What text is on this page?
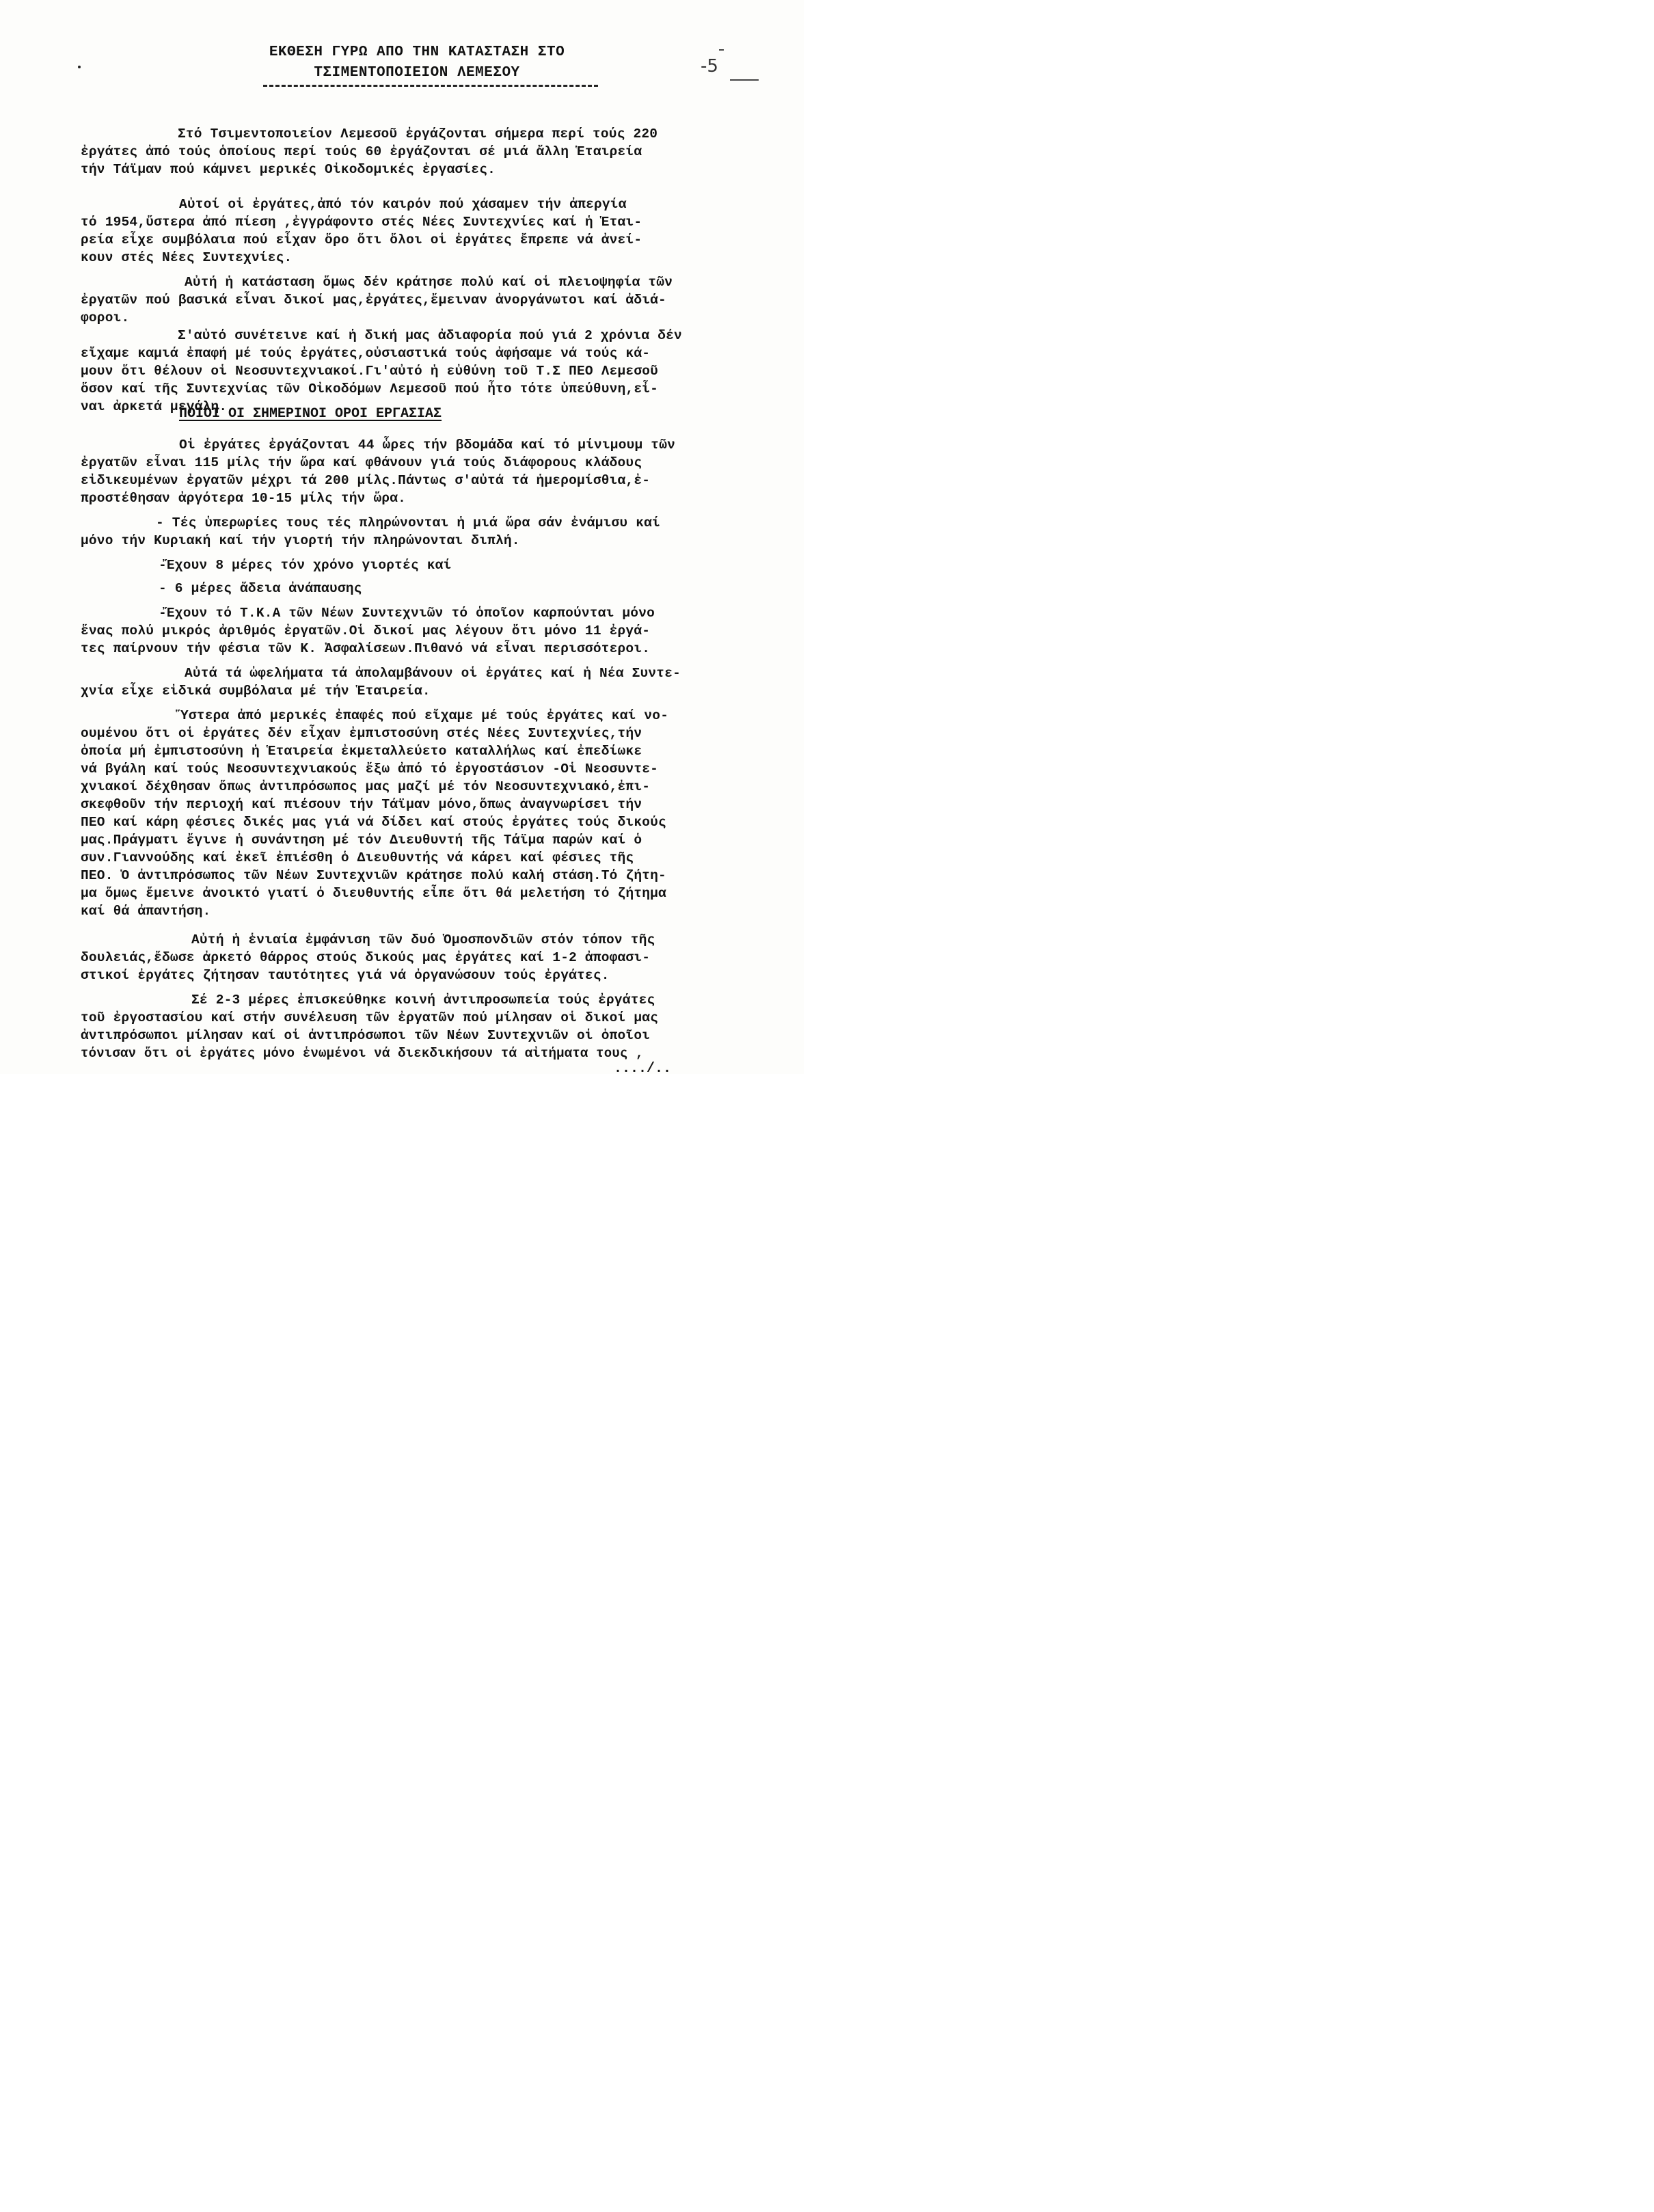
ΕΚΘΕΣΗ ΓΥΡΩ ΑΠΟ ΤΗΝ ΚΑΤΑΣΤΑΣΗ ΣΤΟ
ΤΣΙΜΕΝΤΟΠΟΙΕΙΟΝ ΛΕΜΕΣΟΥ	-5
Στό Τσιμεντοποιείον Λεμεσοῦ ἐργάζονται σήμερα περί τούς 220
ἐργάτες ἀπό τούς ὁποίους περί τούς 60 ἐργάζονται σέ μιά ἄλλη Ἑταιρεία
τήν Τάϊμαν πού κάμνει μερικές Οἰκοδομικές ἐργασίες.
Αὐτοί οἱ ἐργάτες,ἀπό τόν καιρόν πού χάσαμεν τήν ἀπεργία
τό 1954,ὕστερα ἀπό πίεση ,ἐγγράφοντο στές Νέες Συντεχνίες καί ἡ Ἑται-
ρεία εἶχε συμβόλαια πού εἶχαν ὅρο ὅτι ὅλοι οἱ ἐργάτες ἔπρεπε νά ἀνεί-
κουν στές Νέες Συντεχνίες.
Αὐτή ἡ κατάσταση ὅμως δέν κράτησε πολύ καί οἱ πλειοψηφία τῶν
ἐργατῶν πού βασικά εἶναι δικοί μας,ἐργάτες,ἔμειναν ἀνοργάνωτοι καί ἀδιά-
φοροι.
Σ'αὐτό συνέτεινε καί ἡ δική μας ἀδιαφορία πού γιά 2 χρόνια δέν
εἴχαμε καμιά ἐπαφή μέ τούς ἐργάτες,οὐσιαστικά τούς ἀφήσαμε νά τούς κά-
μουν ὅτι θέλουν οἱ Νεοσυντεχνιακοί.Γι'αὐτό ἡ εὐθύνη τοῦ Τ.Σ ΠΕΟ Λεμεσοῦ
ὅσον καί τῆς Συντεχνίας τῶν Οἰκοδόμων Λεμεσοῦ πού ἦτο τότε ὑπεύθυνη,εἶ-
ναι ἀρκετά μεγάλη.
ΠΟΙΟΙ ΟΙ ΣΗΜΕΡΙΝΟΙ ΟΡΟΙ ΕΡΓΑΣΙΑΣ
Οἱ ἐργάτες ἐργάζονται 44 ὧρες τήν βδομάδα καί τό μίνιμουμ τῶν
ἐργατῶν εἶναι 115 μίλς τήν ὥρα καί φθάνουν γιά τούς διάφορους κλάδους
εἰδικευμένων ἐργατῶν μέχρι τά 200 μίλς.Πάντως σ'αὐτά τά ἡμερομίσθια,ἐ-
προστέθησαν ἀργότερα 10-15 μίλς τήν ὥρα.
- Τές ὑπερωρίες τους τές πληρώνονται ἡ μιά ὥρα σάν ἐνάμισυ καί
μόνο τήν Κυριακή καί τήν γιορτή τήν πληρώνονται διπλή.
-Ἔχουν 8 μέρες τόν χρόνο γιορτές καί
- 6 μέρες ἄδεια ἀνάπαυσης
-Ἔχουν τό Τ.Κ.Α τῶν Νέων Συντεχνιῶν τό ὁποῖον καρπούνται μόνο
ἕνας πολύ μικρός ἀριθμός ἐργατῶν.Οἱ δικοί μας λέγουν ὅτι μόνο 11 ἐργά-
τες παίρνουν τήν φέσια τῶν Κ. Ἀσφαλίσεων.Πιθανό νά εἶναι περισσότεροι.
Αὐτά τά ὠφελήματα τά ἀπολαμβάνουν οἱ ἐργάτες καί ἡ Νέα Συντε-
χνία εἶχε εἰδικά συμβόλαια μέ τήν Ἑταιρεία.
Ὕστερα ἀπό μερικές ἐπαφές πού εἴχαμε μέ τούς ἐργάτες καί νο-
ουμένου ὅτι οἱ ἐργάτες δέν εἶχαν ἐμπιστοσύνη στές Νέες Συντεχνίες,τήν
ὁποία μή ἐμπιστοσύνη ἡ Ἑταιρεία ἐκμεταλλεύετο καταλλήλως καί ἐπεδίωκε
νά βγάλη καί τούς Νεοσυντεχνιακούς ἔξω ἀπό τό ἐργοστάσιον -Οἱ Νεοσυντε-
χνιακοί δέχθησαν ὅπως ἀντιπρόσωπος μας μαζί μέ τόν Νεοσυντεχνιακό,ἐπι-
σκεφθοῦν τήν περιοχή καί πιέσουν τήν Τάϊμαν μόνο,ὅπως ἀναγνωρίσει τήν
ΠΕΟ καί κάρη φέσιες δικές μας γιά νά δίδει καί στούς ἐργάτες τούς δικούς
μας.Πράγματι ἔγινε ἡ συνάντηση μέ τόν Διευθυντή τῆς Τάϊμα παρών καί ὁ
συν.Γιαννούδης καί ἐκεῖ ἐπιέσθη ὁ Διευθυντής νά κάρει καί φέσιες τῆς
ΠΕΟ. Ὁ ἀντιπρόσωπος τῶν Νέων Συντεχνιῶν κράτησε πολύ καλή στάση.Τό ζήτη-
μα ὅμως ἔμεινε ἀνοικτό γιατί ὁ διευθυντής εἶπε ὅτι θά μελετήση τό ζήτημα
καί θά ἀπαντήση.
Αὐτή ἡ ἑνιαία ἐμφάνιση τῶν δυό Ὁμοσπονδιῶν στόν τόπον τῆς
δουλειάς,ἔδωσε ἀρκετό θάρρος στούς δικούς μας ἐργάτες καί 1-2 ἀποφασι-
στικοί ἐργάτες ζήτησαν ταυτότητες γιά νά ὀργανώσουν τούς ἐργάτες.
Σέ 2-3 μέρες ἐπισκεύθηκε κοινή ἀντιπροσωπεία τούς ἐργάτες
τοῦ ἐργοστασίου καί στήν συνέλευση τῶν ἐργατῶν πού μίλησαν οἱ δικοί μας
ἀντιπρόσωποι μίλησαν καί οἱ ἀντιπρόσωποι τῶν Νέων Συντεχνιῶν οἱ ὁποῖοι
τόνισαν ὅτι οἱ ἐργάτες μόνο ἑνωμένοι νά διεκδικήσουν τά αἰτήματα τους ,
..../..
